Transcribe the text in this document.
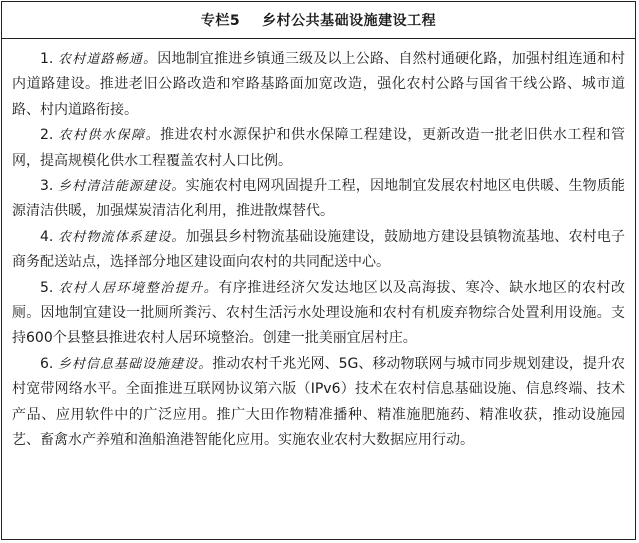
专栏5 乡村公共基础设施建设工程

1. 农村道路畅通。因地制宜推进乡镇通三级及以上公路、自然村通硬化路，加强村组连通和村内道路建设。推进老旧公路改造和窄路基路面加宽改造，强化农村公路与国省干线公路、城市道路、村内道路衔接。

2. 农村供水保障。推进农村水源保护和供水保障工程建设，更新改造一批老旧供水工程和管网，提高规模化供水工程覆盖农村人口比例。

3. 乡村清洁能源建设。实施农村电网巩固提升工程，因地制宜发展农村地区电供暖、生物质能源清洁供暖，加强煤炭清洁化利用，推进散煤替代。

4. 农村物流体系建设。加强县乡村物流基础设施建设，鼓励地方建设县镇物流基地、农村电子商务配送站点，选择部分地区建设面向农村的共同配送中心。

5. 农村人居环境整治提升。有序推进经济欠发达地区以及高海拔、寒冷、缺水地区的农村改厕。因地制宜建设一批厕所粪污、农村生活污水处理设施和农村有机废弃物综合处置利用设施。支持600个县整县推进农村人居环境整治。创建一批美丽宜居村庄。

6. 乡村信息基础设施建设。推动农村千兆光网、5G、移动物联网与城市同步规划建设，提升农村宽带网络水平。全面推进互联网协议第六版（IPv6）技术在农村信息基础设施、信息终端、技术产品、应用软件中的广泛应用。推广大田作物精准播种、精准施肥施药、精准收获，推动设施园艺、畜禽水产养殖和渔船渔港智能化应用。实施农业农村大数据应用行动。
